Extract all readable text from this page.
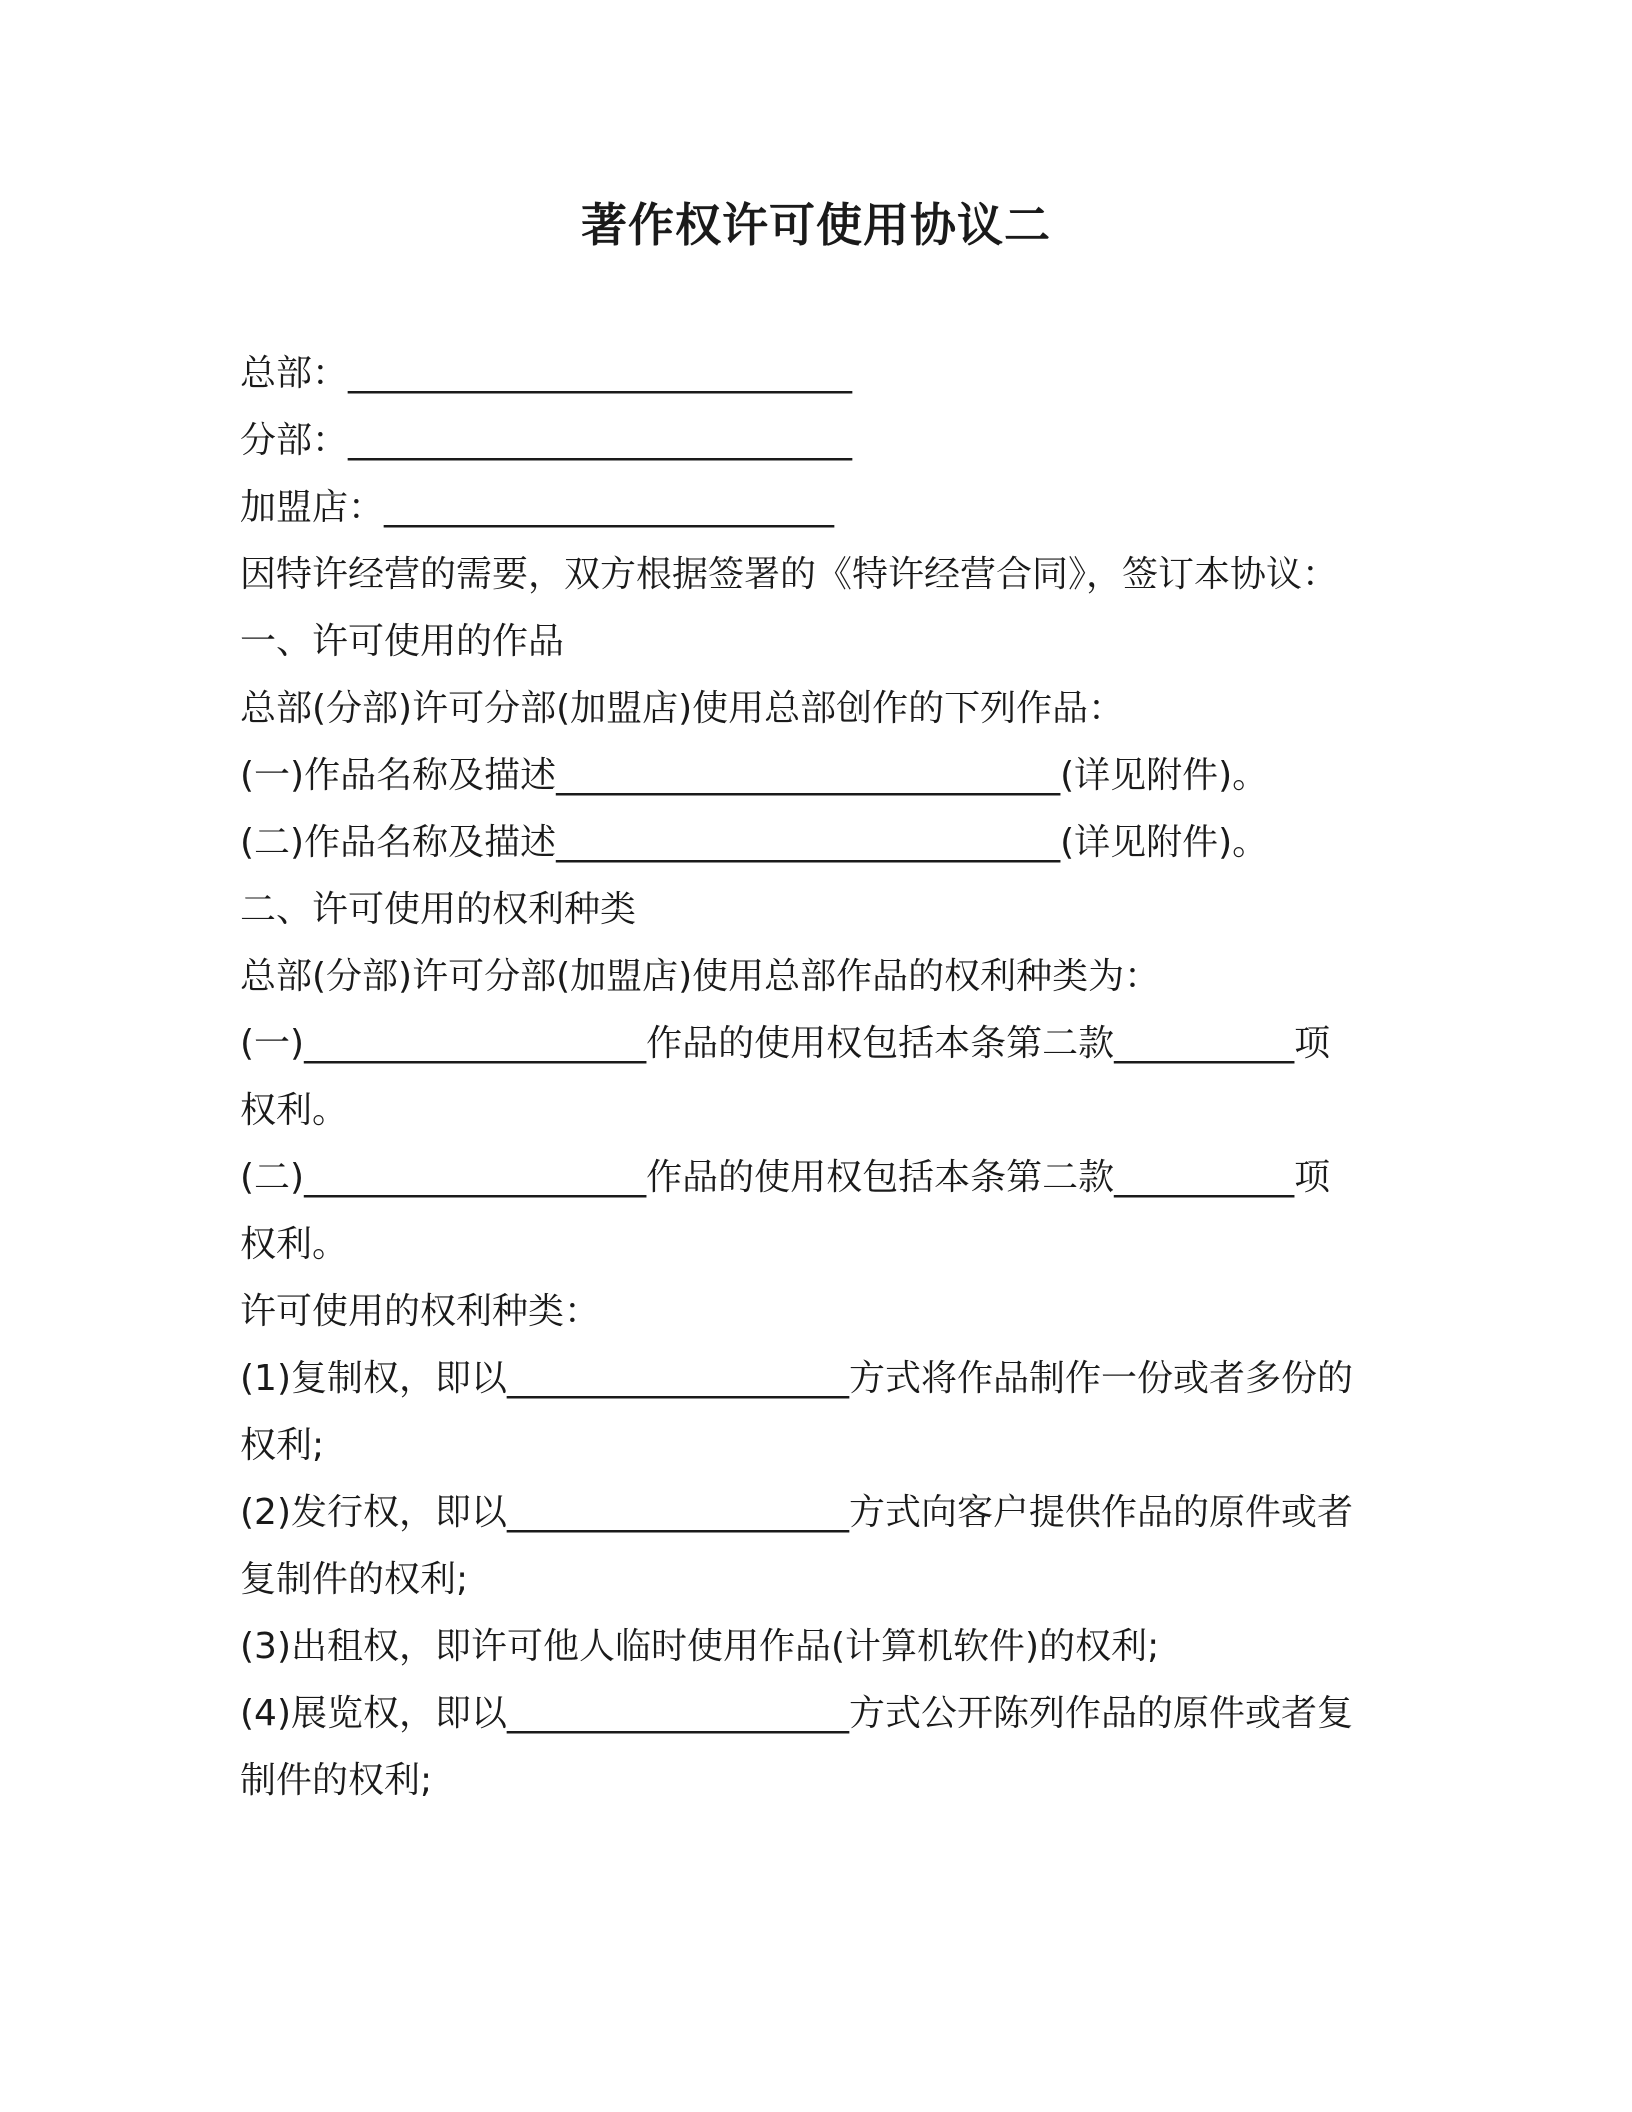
著作权许可使用协议二
总部：____________________________
分部：____________________________
加盟店：_________________________
因特许经营的需要，双方根据签署的《特许经营合同》，签订本协议：
一、许可使用的作品
总部(分部)许可分部(加盟店)使用总部创作的下列作品：
(一)作品名称及描述____________________________(详见附件)。
(二)作品名称及描述____________________________(详见附件)。
二、许可使用的权利种类
总部(分部)许可分部(加盟店)使用总部作品的权利种类为：
(一)___________________作品的使用权包括本条第二款__________项
权利。
(二)___________________作品的使用权包括本条第二款__________项
权利。
许可使用的权利种类：
(1)复制权，即以___________________方式将作品制作一份或者多份的
权利;
(2)发行权，即以___________________方式向客户提供作品的原件或者
复制件的权利;
(3)出租权，即许可他人临时使用作品(计算机软件)的权利;
(4)展览权，即以___________________方式公开陈列作品的原件或者复
制件的权利;
